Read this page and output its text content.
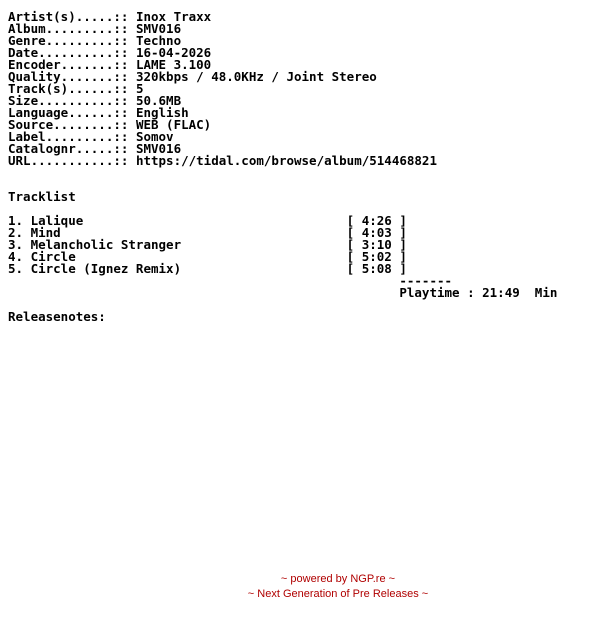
Artist(s).....:: Inox Traxx
Album.........:: SMV016
Genre.........:: Techno
Date..........:: 16-04-2026
Encoder.......:: LAME 3.100
Quality.......:: 320kbps / 48.0KHz / Joint Stereo
Track(s)......:: 5
Size..........:: 50.6MB
Language......:: English
Source........:: WEB (FLAC)
Label.........:: Somov
Catalognr.....:: SMV016
URL...........:: https://tidal.com/browse/album/514468821
Tracklist
1. Lalique	[ 4:26 ]
2. Mind	[ 4:03 ]
3. Melancholic Stranger	[ 3:10 ]
4. Circle	[ 5:02 ]
5. Circle (Ignez Remix)	[ 5:08 ]
-------
Playtime : 21:49  Min
Releasenotes:
~ powered by NGP.re ~
~ Next Generation of Pre Releases ~
